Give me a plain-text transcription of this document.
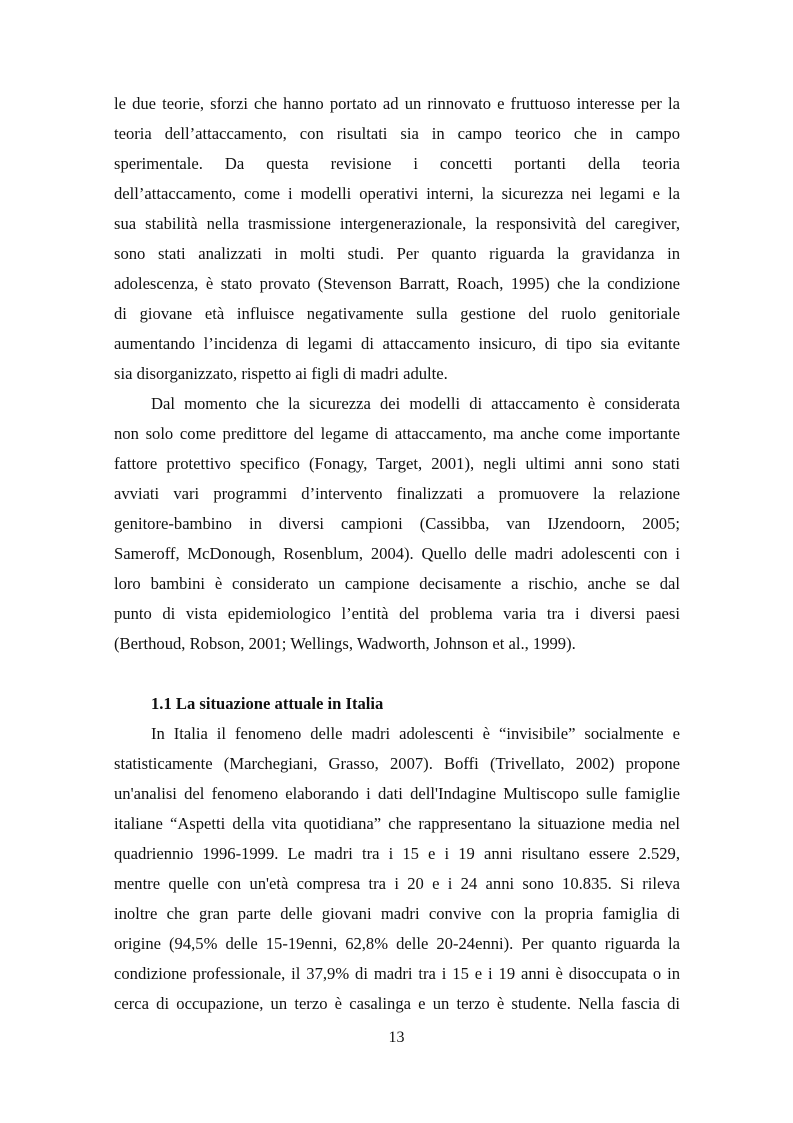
le due teorie, sforzi che hanno portato ad un rinnovato e fruttuoso interesse per la
teoria dell’attaccamento, con risultati sia in campo teorico che in campo
sperimentale. Da questa revisione i concetti portanti della teoria
dell’attaccamento, come i modelli operativi interni, la sicurezza nei legami e la
sua stabilità nella trasmissione intergenerazionale, la responsività del caregiver,
sono stati analizzati in molti studi. Per quanto riguarda la gravidanza in
adolescenza, è stato provato (Stevenson Barratt, Roach, 1995) che la condizione
di giovane età influisce negativamente sulla gestione del ruolo genitoriale
aumentando l’incidenza di legami di attaccamento insicuro, di tipo sia evitante
sia disorganizzato, rispetto ai figli di madri adulte.
Dal momento che la sicurezza dei modelli di attaccamento è considerata
non solo come predittore del legame di attaccamento, ma anche come importante
fattore protettivo specifico (Fonagy, Target, 2001), negli ultimi anni sono stati
avviati vari programmi d’intervento finalizzati a promuovere la relazione
genitore-bambino in diversi campioni (Cassibba, van IJzendoorn, 2005;
Sameroff, McDonough, Rosenblum, 2004). Quello delle madri adolescenti con i
loro bambini è considerato un campione decisamente a rischio, anche se dal
punto di vista epidemiologico l’entità del problema varia tra i diversi paesi
(Berthoud, Robson, 2001; Wellings, Wadworth, Johnson et al., 1999).
1.1 La situazione attuale in Italia
In Italia il fenomeno delle madri adolescenti è “invisibile” socialmente e
statisticamente (Marchegiani, Grasso, 2007). Boffi (Trivellato, 2002) propone
un'analisi del fenomeno elaborando i dati dell'Indagine Multiscopo sulle famiglie
italiane “Aspetti della vita quotidiana” che rappresentano la situazione media nel
quadriennio 1996-1999. Le madri tra i 15 e i 19 anni risultano essere 2.529,
mentre quelle con un'età compresa tra i 20 e i 24 anni sono 10.835. Si rileva
inoltre che gran parte delle giovani madri convive con la propria famiglia di
origine (94,5% delle 15-19enni, 62,8% delle 20-24enni). Per quanto riguarda la
condizione professionale, il 37,9% di madri tra i 15 e i 19 anni è disoccupata o in
cerca di occupazione, un terzo è casalinga e un terzo è studente. Nella fascia di
13
